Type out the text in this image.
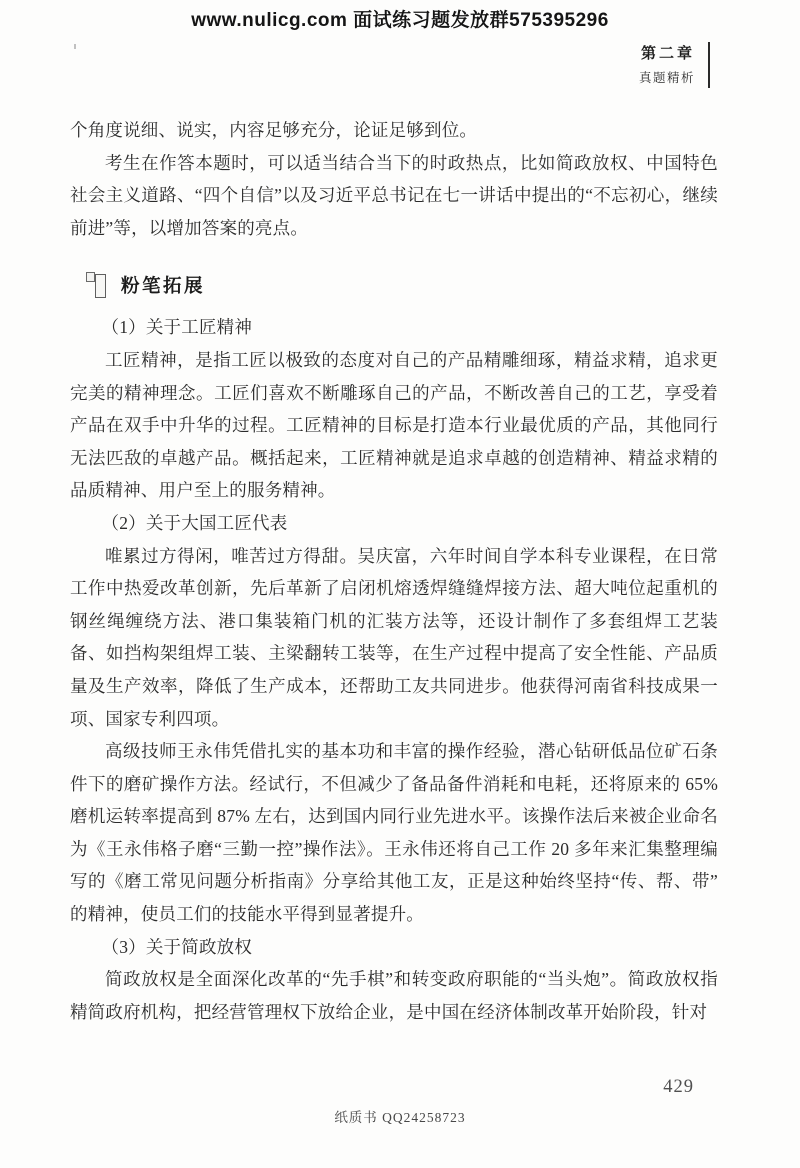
www.nulicg.com 面试练习题发放群575395296
第二章
真题精析

个角度说细、说实，内容足够充分，论证足够到位。

考生在作答本题时，可以适当结合当下的时政热点，比如简政放权、中国特色社会主义道路、“四个自信”以及习近平总书记在七一讲话中提出的“不忘初心，继续前进”等，以增加答案的亮点。

粉笔拓展

（1）关于工匠精神

工匠精神，是指工匠以极致的态度对自己的产品精雕细琢，精益求精，追求更完美的精神理念。工匠们喜欢不断雕琢自己的产品，不断改善自己的工艺，享受着产品在双手中升华的过程。工匠精神的目标是打造本行业最优质的产品，其他同行无法匹敌的卓越产品。概括起来，工匠精神就是追求卓越的创造精神、精益求精的品质精神、用户至上的服务精神。

（2）关于大国工匠代表

唯累过方得闲，唯苦过方得甜。吴庆富，六年时间自学本科专业课程，在日常工作中热爱改革创新，先后革新了启闭机熔透焊缝缝焊接方法、超大吨位起重机的钢丝绳缠绕方法、港口集装箱门机的汇装方法等，还设计制作了多套组焊工艺装备、如挡构架组焊工装、主梁翻转工装等，在生产过程中提高了安全性能、产品质量及生产效率，降低了生产成本，还帮助工友共同进步。他获得河南省科技成果一项、国家专利四项。

高级技师王永伟凭借扎实的基本功和丰富的操作经验，潜心钻研低品位矿石条件下的磨矿操作方法。经试行，不但减少了备品备件消耗和电耗，还将原来的 65% 磨机运转率提高到 87% 左右，达到国内同行业先进水平。该操作法后来被企业命名为《王永伟格子磨“三勤一控”操作法》。王永伟还将自己工作 20 多年来汇集整理编写的《磨工常见问题分析指南》分享给其他工友，正是这种始终坚持“传、帮、带”的精神，使员工们的技能水平得到显著提升。

（3）关于简政放权

简政放权是全面深化改革的“先手棋”和转变政府职能的“当头炮”。简政放权指精简政府机构，把经营管理权下放给企业，是中国在经济体制改革开始阶段，针对

429
纸质书 QQ24258723
